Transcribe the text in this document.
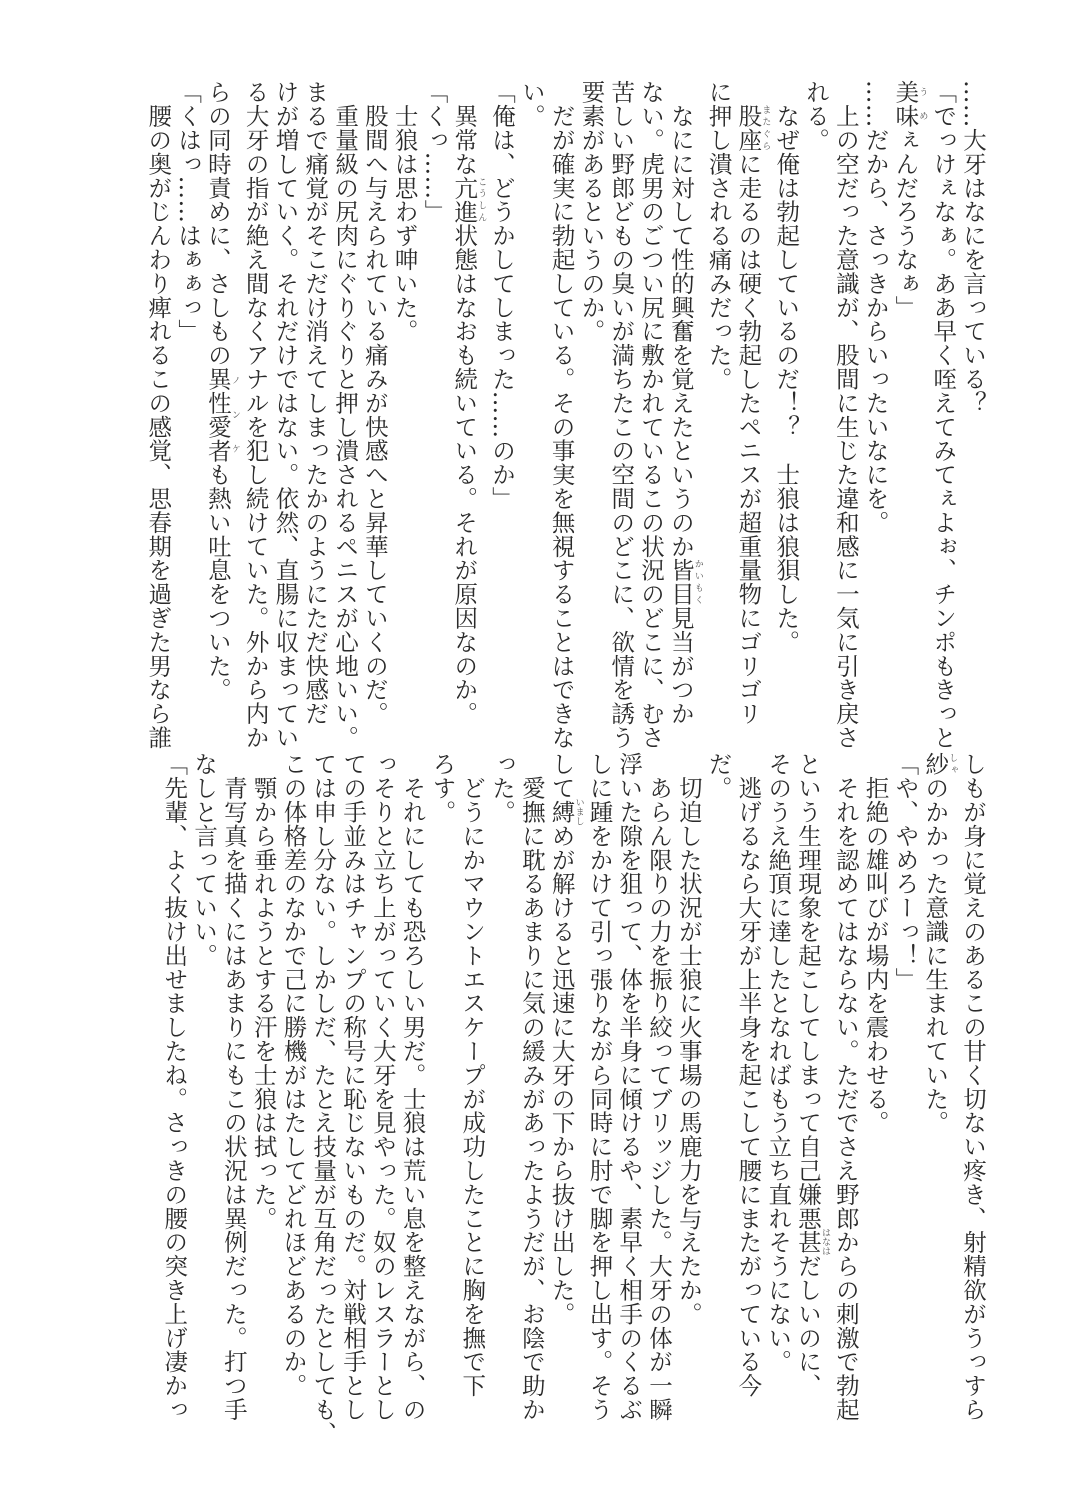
……大牙はなにを言っている？
「でっけぇなぁ。ああ早く咥えてみてぇよぉ、チンポもきっと
美味うめぇんだろうなぁ」
……だから、さっきからいったいなにを。
　上の空だった意識が、股間に生じた違和感に一気に引き戻さ
れる。
　なぜ俺は勃起しているのだ！？　士狼は狼狽した。
　股座またぐらに走るのは硬く勃起したペニスが超重量物にゴリゴリ
に押し潰される痛みだった。
　なにに対して性的興奮を覚えたというのか皆目かいもく見当がつか
ない。虎男のごつい尻に敷かれているこの状況のどこに、むさ
苦しい野郎どもの臭いが満ちたこの空間のどこに、欲情を誘う
要素があるというのか。
　だが確実に勃起している。その事実を無視することはできな
い。
「俺は、どうかしてしまった……のか」
　異常な亢進こうしん状態はなおも続いている。それが原因なのか。
「くっ……」
　士狼は思わず呻いた。
　股間へ与えられている痛みが快感へと昇華していくのだ。
　重量級の尻肉にぐりぐりと押し潰されるペニスが心地いい。
まるで痛覚がそこだけ消えてしまったかのようにただ快感だ
けが増していく。それだけではない。依然、直腸に収まってい
る大牙の指が絶え間なくアナルを犯し続けていた。外から内か
らの同時責めに、さしもの異性愛者ノンケも熱い吐息をついた。
「くはっ……はぁぁっ」
　腰の奥がじんわり痺れるこの感覚、思春期を過ぎた男なら誰
しもが身に覚えのあるこの甘く切ない疼き、射精欲がうっすら
紗しゃのかかった意識に生まれていた。
「や、やめろーっ！」
　拒絶の雄叫びが場内を震わせる。
　それを認めてはならない。ただでさえ野郎からの刺激で勃起
という生理現象を起こしてしまって自己嫌悪甚はなはだしいのに、
そのうえ絶頂に達したとなればもう立ち直れそうにない。
　逃げるなら大牙が上半身を起こして腰にまたがっている今
だ。
　切迫した状況が士狼に火事場の馬鹿力を与えたか。
　あらん限りの力を振り絞ってブリッジした。大牙の体が一瞬
浮いた隙を狙って、体を半身に傾けるや、素早く相手のくるぶ
しに踵をかけて引っ張りながら同時に肘で脚を押し出す。そう
して縛いましめが解けると迅速に大牙の下から抜け出した。
　愛撫に耽るあまりに気の緩みがあったようだが、お陰で助か
った。
　どうにかマウントエスケープが成功したことに胸を撫で下
ろす。
　それにしても恐ろしい男だ。士狼は荒い息を整えながら、の
っそりと立ち上がっていく大牙を見やった。奴のレスラーとし
ての手並みはチャンプの称号に恥じないものだ。対戦相手とし
ては申し分ない。しかしだ、たとえ技量が互角だったとしても、
この体格差のなかで己に勝機がはたしてどれほどあるのか。
　顎から垂れようとする汗を士狼は拭った。
　青写真を描くにはあまりにもこの状況は異例だった。打つ手
なしと言っていい。
「先輩、よく抜け出せましたね。さっきの腰の突き上げ凄かっ
